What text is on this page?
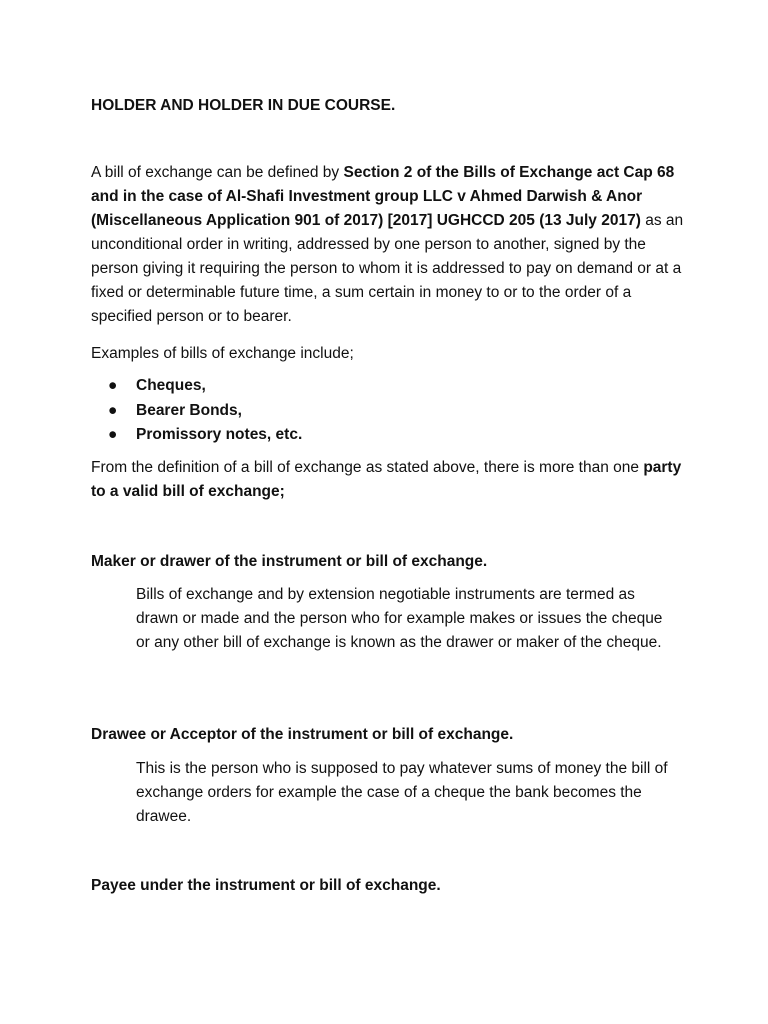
HOLDER AND HOLDER IN DUE COURSE.

A bill of exchange can be defined by Section 2 of the Bills of Exchange act Cap 68 and in the case of Al-Shafi Investment group LLC v Ahmed Darwish & Anor (Miscellaneous Application 901 of 2017) [2017] UGHCCD 205 (13 July 2017) as an unconditional order in writing, addressed by one person to another, signed by the person giving it requiring the person to whom it is addressed to pay on demand or at a fixed or determinable future time, a sum certain in money to or to the order of a specified person or to bearer.

Examples of bills of exchange include;

● Cheques,
● Bearer Bonds,
● Promissory notes, etc.

From the definition of a bill of exchange as stated above, there is more than one party to a valid bill of exchange;

Maker or drawer of the instrument or bill of exchange.

Bills of exchange and by extension negotiable instruments are termed as drawn or made and the person who for example makes or issues the cheque or any other bill of exchange is known as the drawer or maker of the cheque.

Drawee or Acceptor of the instrument or bill of exchange.

This is the person who is supposed to pay whatever sums of money the bill of exchange orders for example the case of a cheque the bank becomes the drawee.

Payee under the instrument or bill of exchange.
